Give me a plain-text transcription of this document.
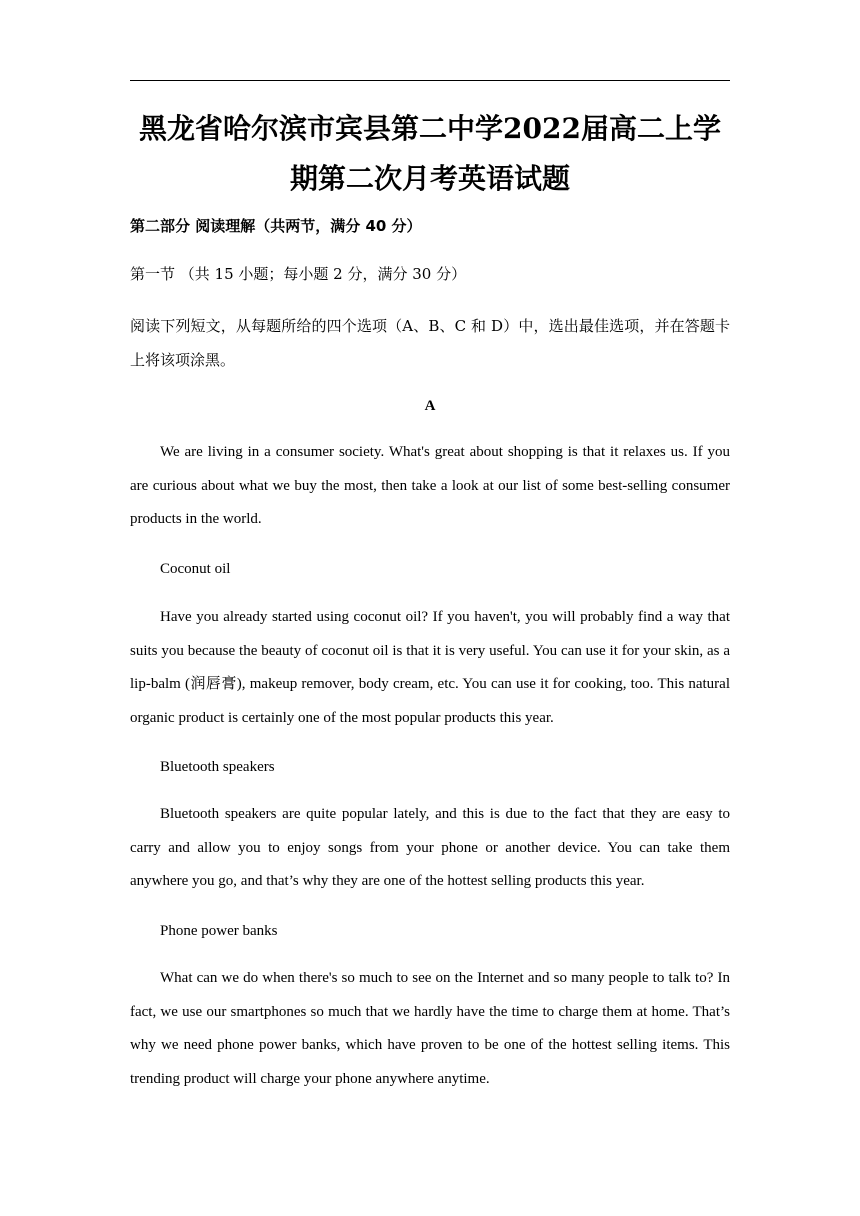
黑龙省哈尔滨市宾县第二中学2022届高二上学期第二次月考英语试题
第二部分 阅读理解（共两节，满分 40 分）
第一节 （共 15 小题；每小题 2 分，满分 30 分）
阅读下列短文，从每题所给的四个选项（A、B、C 和 D）中，选出最佳选项，并在答题卡上将该项涂黑。
A
We are living in a consumer society. What's great about shopping is that it relaxes us. If you are curious about what we buy the most, then take a look at our list of some best-selling consumer products in the world.
Coconut oil
Have you already started using coconut oil? If you haven't, you will probably find a way that suits you because the beauty of coconut oil is that it is very useful. You can use it for your skin, as a lip-balm (润唇膏), makeup remover, body cream, etc. You can use it for cooking, too. This natural organic product is certainly one of the most popular products this year.
Bluetooth speakers
Bluetooth speakers are quite popular lately, and this is due to the fact that they are easy to carry and allow you to enjoy songs from your phone or another device. You can take them anywhere you go, and that’s why they are one of the hottest selling products this year.
Phone power banks
What can we do when there's so much to see on the Internet and so many people to talk to? In fact, we use our smartphones so much that we hardly have the time to charge them at home. That’s why we need phone power banks, which have proven to be one of the hottest selling items. This trending product will charge your phone anywhere anytime.
